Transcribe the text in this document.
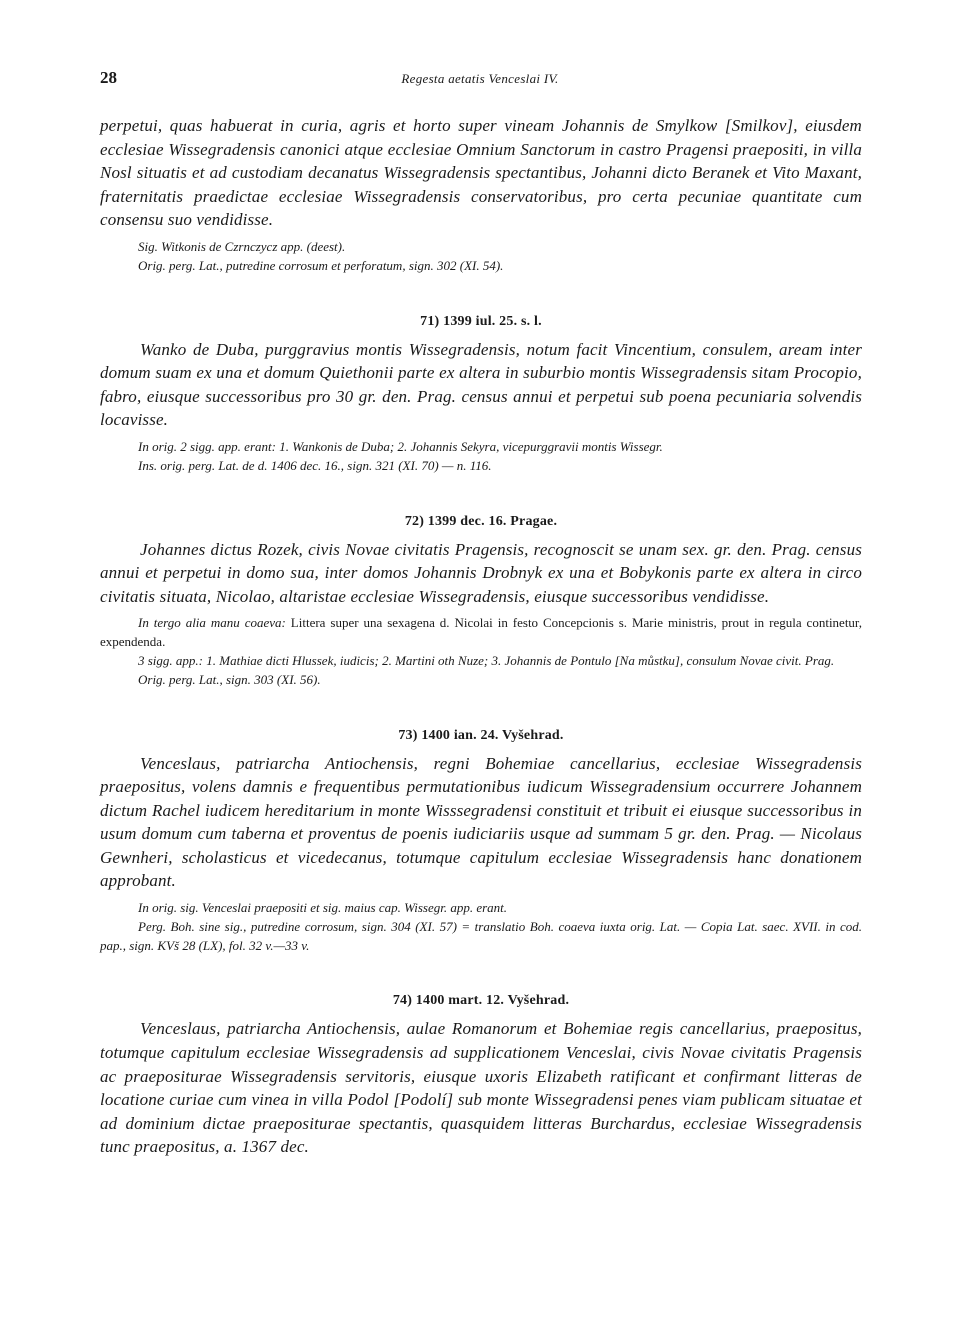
28	Regesta aetatis Venceslai IV.

perpetui, quas habuerat in curia, agris et horto super vineam Johannis de Smylkow [Smilkov], eiusdem ecclesiae Wissegradensis canonici atque ecclesiae Omnium Sanctorum in castro Pragensi praepositi, in villa Nosl situatis et ad custodiam decanatus Wissegradensis spectantibus, Johanni dicto Beranek et Vito Maxant, fraternitatis praedictae ecclesiae Wissegradensis conservatoribus, pro certa pecuniae quantitate cum consensu suo vendidisse.

Sig. Witkonis de Czrnczycz app. (deest).

Orig. perg. Lat., putredine corrosum et perforatum, sign. 302 (XI. 54).

71) 1399 iul. 25. s. l.

Wanko de Duba, purggravius montis Wissegradensis, notum facit Vincentium, consulem, aream inter domum suam ex una et domum Quiethonii parte ex altera in suburbio montis Wissegradensis sitam Procopio, fabro, eiusque successoribus pro 30 gr. den. Prag. census annui et perpetui sub poena pecuniaria solvendis locavisse.

In orig. 2 sigg. app. erant: 1. Wankonis de Duba; 2. Johannis Sekyra, vicepurggravii montis Wissegr.

Ins. orig. perg. Lat. de d. 1406 dec. 16., sign. 321 (XI. 70) — n. 116.

72) 1399 dec. 16. Pragae.

Johannes dictus Rozek, civis Novae civitatis Pragensis, recognoscit se unam sex. gr. den. Prag. census annui et perpetui in domo sua, inter domos Johannis Drobnyk ex una et Bobykonis parte ex altera in circo civitatis situata, Nicolao, altaristae ecclesiae Wissegradensis, eiusque successoribus vendidisse.

In tergo alia manu coaeva: Littera super una sexagena d. Nicolai in festo Concepcionis s. Marie ministris, prout in regula continetur, expendenda.

3 sigg. app.: 1. Mathiae dicti Hlussek, iudicis; 2. Martini oth Nuze; 3. Johannis de Pontulo [Na můstku], consulum Novae civit. Prag.

Orig. perg. Lat., sign. 303 (XI. 56).

73) 1400 ian. 24. Vyšehrad.

Venceslaus, patriarcha Antiochensis, regni Bohemiae cancellarius, ecclesiae Wissegradensis praepositus, volens damnis e frequentibus permutationibus iudicum Wissegradensium occurrere Johannem dictum Rachel iudicem hereditarium in monte Wisssegradensi constituit et tribuit ei eiusque successoribus in usum domum cum taberna et proventus de poenis iudiciariis usque ad summam 5 gr. den. Prag. — Nicolaus Gewnheri, scholasticus et vicedecanus, totumque capitulum ecclesiae Wissegradensis hanc donationem approbant.

In orig. sig. Venceslai praepositi et sig. maius cap. Wissegr. app. erant.

Perg. Boh. sine sig., putredine corrosum, sign. 304 (XI. 57) = translatio Boh. coaeva iuxta orig. Lat. — Copia Lat. saec. XVII. in cod. pap., sign. KVš 28 (LX), fol. 32 v.—33 v.

74) 1400 mart. 12. Vyšehrad.

Venceslaus, patriarcha Antiochensis, aulae Romanorum et Bohemiae regis cancellarius, praepositus, totumque capitulum ecclesiae Wissegradensis ad supplicationem Venceslai, civis Novae civitatis Pragensis ac praepositurae Wissegradensis servitoris, eiusque uxoris Elizabeth ratificant et confirmant litteras de locatione curiae cum vinea in villa Podol [Podolí] sub monte Wissegradensi penes viam publicam situatae et ad dominium dictae praepositurae spectantis, quasquidem litteras Burchardus, ecclesiae Wissegradensis tunc praepositus, a. 1367 dec.
